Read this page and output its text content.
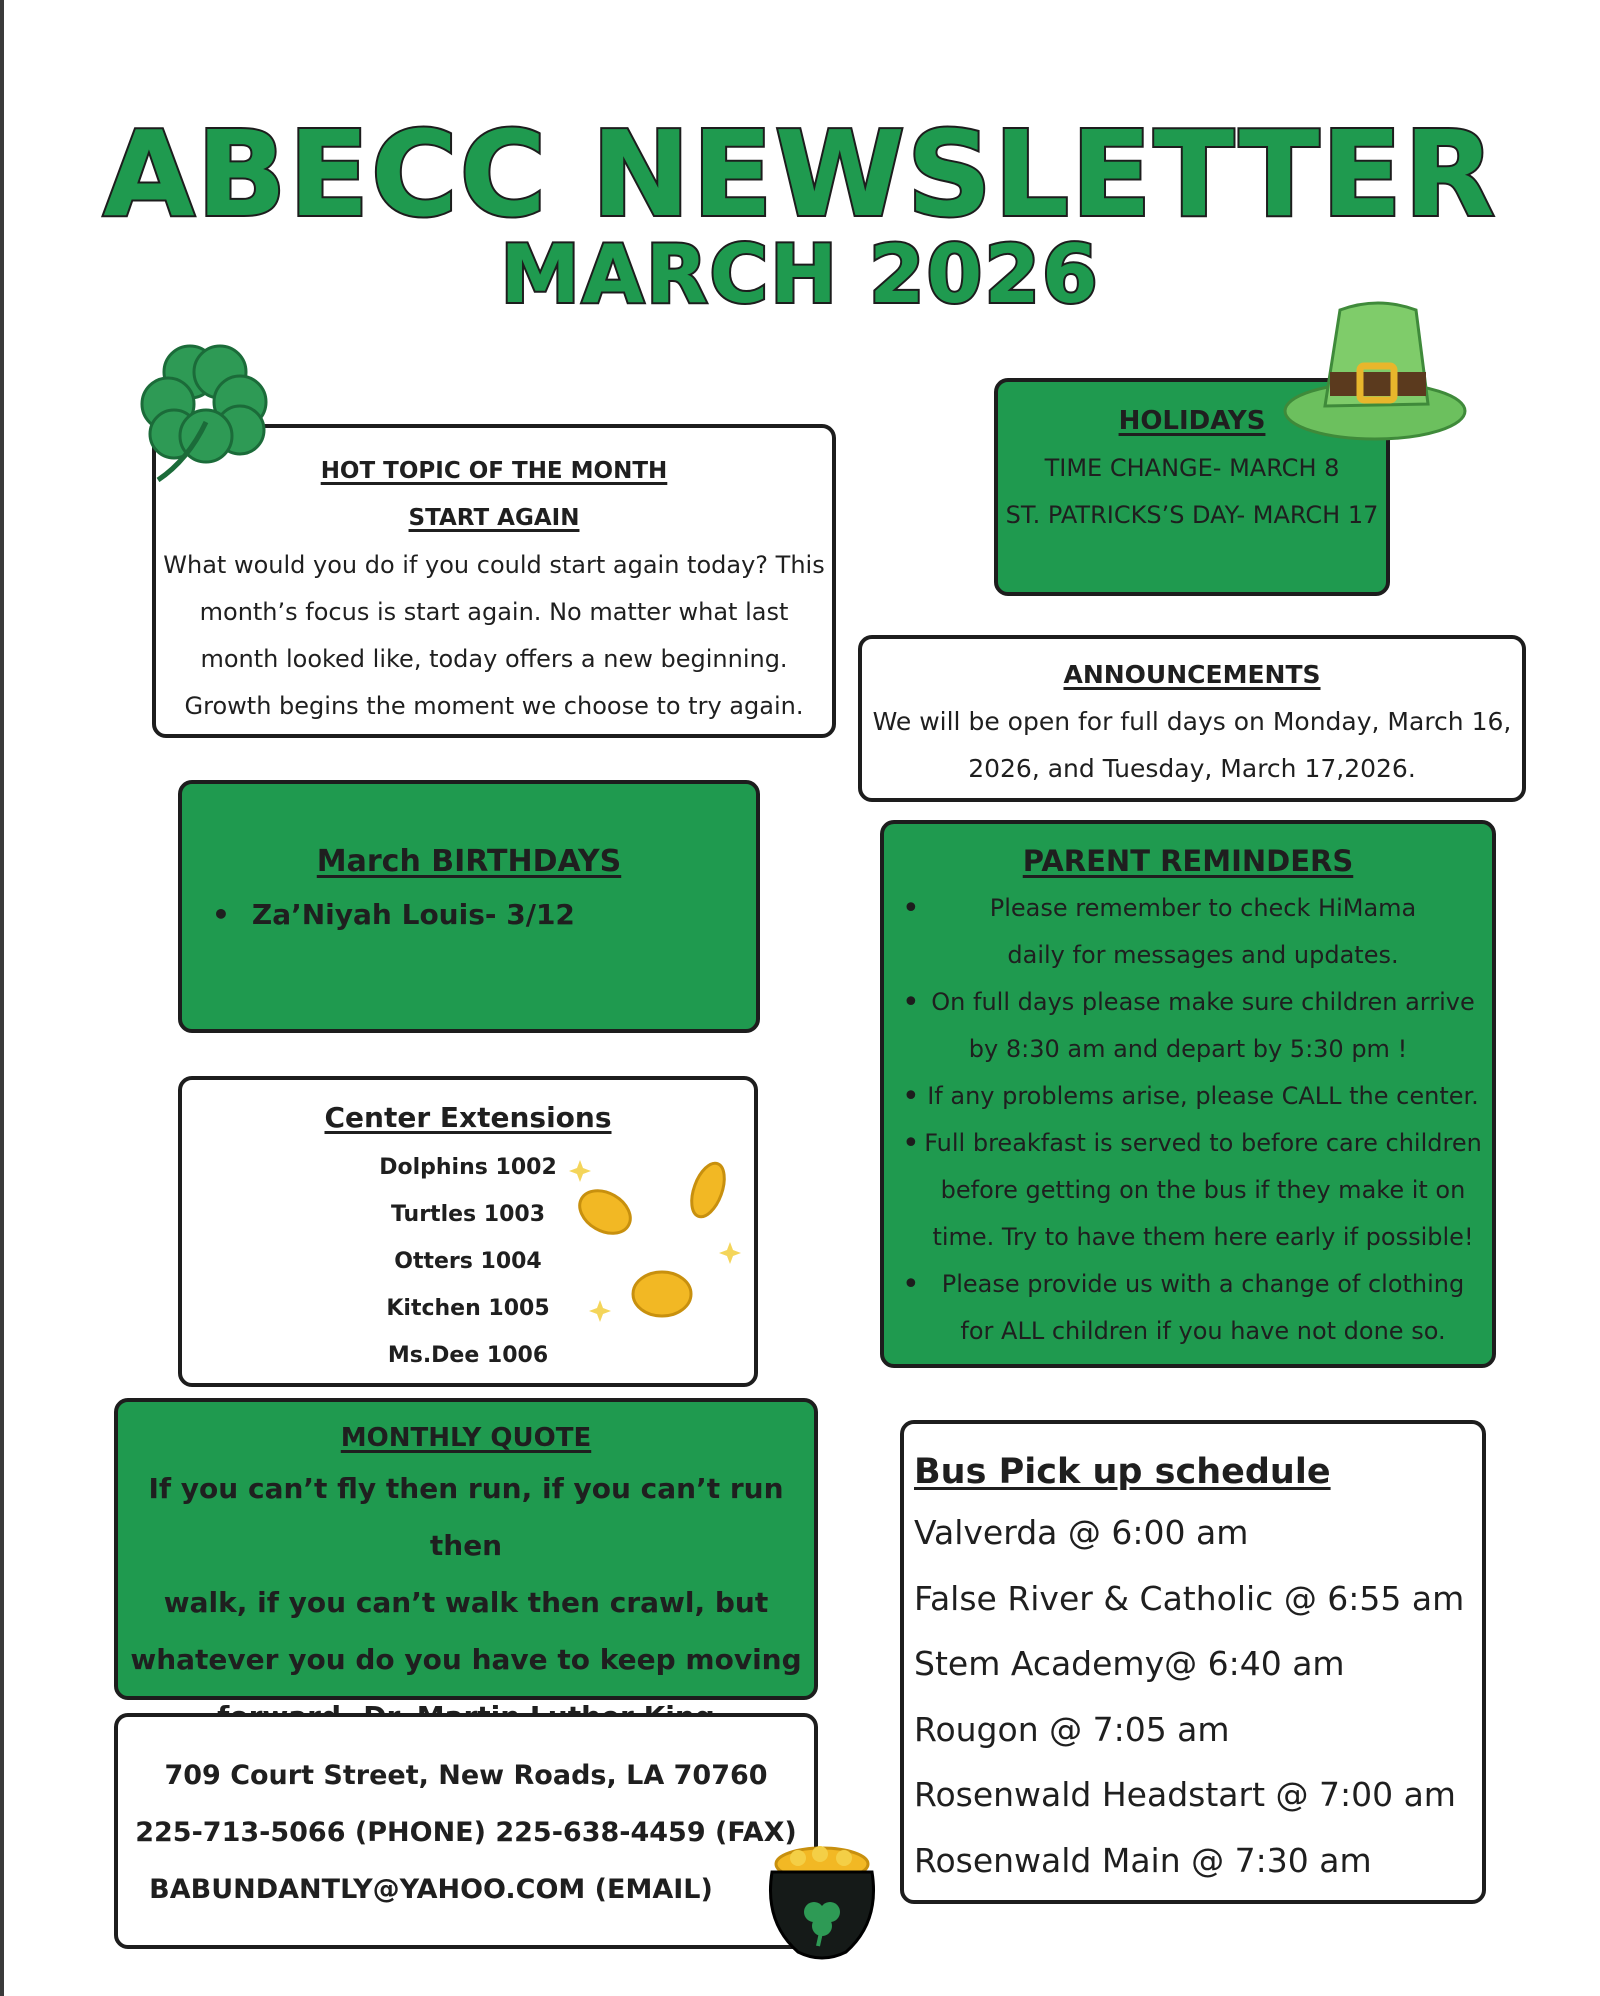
ABECC NEWSLETTER
MARCH 2026
HOT TOPIC OF THE MONTH
START AGAIN
What would you do if you could start again today? This
month’s focus is start again. No matter what last
month looked like, today offers a new beginning.
Growth begins the moment we choose to try again.
HOLIDAYS
TIME CHANGE- MARCH 8
ST. PATRICKS’S DAY- MARCH 17
ANNOUNCEMENTS
We will be open for full days on Monday, March 16,
2026, and Tuesday, March 17,2026.
March BIRTHDAYS
• Za’Niyah Louis- 3/12
PARENT REMINDERS
• Please remember to check HiMama
daily for messages and updates.
• On full days please make sure children arrive
by 8:30 am and depart by 5:30 pm !
• If any problems arise, please CALL the center.
• Full breakfast is served to before care children
before getting on the bus if they make it on
time. Try to have them here early if possible!
• Please provide us with a change of clothing
for ALL children if you have not done so.
Center Extensions
Dolphins 1002
Turtles 1003
Otters 1004
Kitchen 1005
Ms.Dee 1006
MONTHLY QUOTE
If you can’t fly then run, if you can’t run then
walk, if you can’t walk then crawl, but
whatever you do you have to keep moving
Bus Pick up schedule
Valverda @ 6:00 am
False River & Catholic @ 6:55 am
Stem Academy@ 6:40 am
Rougon @ 7:05 am
Rosenwald Headstart @ 7:00 am
Rosenwald Main @ 7:30 am
709 Court Street, New Roads, LA 70760
225-713-5066 (PHONE) 225-638-4459 (FAX)
BABUNDANTLY@YAHOO.COM (EMAIL)
